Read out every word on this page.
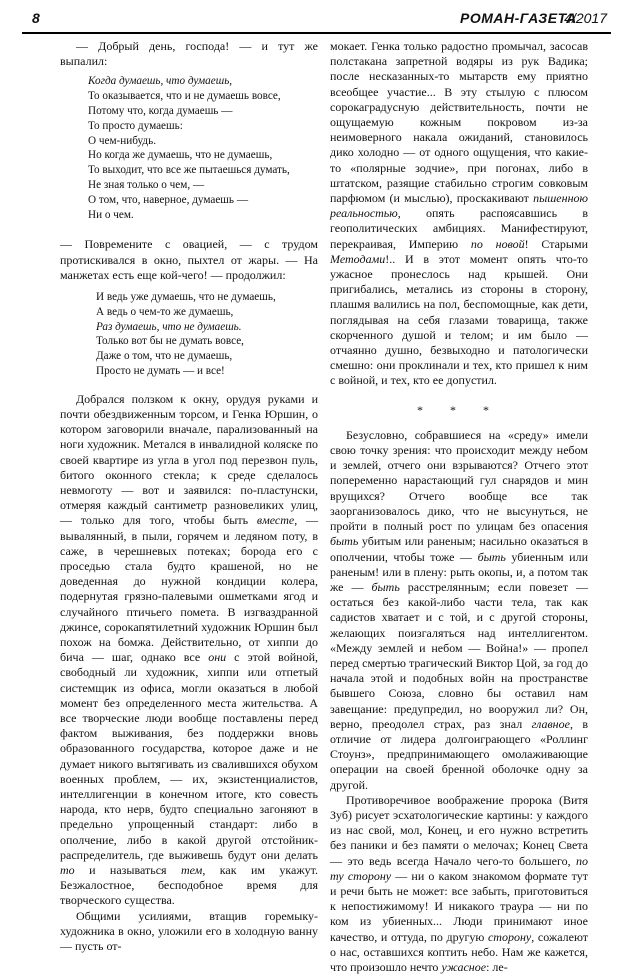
8	РОМАН-ГАЗЕТА
4/2017

— Добрый день, господа! — и тут же выпалил:

Когда думаешь, что думаешь,
То оказывается, что и не думаешь вовсе,
Потому что, когда думаешь —
То просто думаешь:
О чем-нибудь.
Но когда же думаешь, что не думаешь,
То выходит, что все же пытаешься думать,
Не зная только о чем, —
О том, что, наверное, думаешь —
Ни о чем.

— Повремените с овацией, — с трудом протискивался в окно, пыхтел от жары. — На манжетах есть еще кой-чего! — продолжил:

И ведь уже думаешь, что не думаешь,
А ведь о чем-то же думаешь,
Раз думаешь, что не думаешь.
Только вот бы не думать вовсе,
Даже о том, что не думаешь,
Просто не думать — и все!

Добрался ползком к окну, орудуя руками и почти обездвиженным торсом, и Генка Юршин, о котором заговорили вначале, парализованный на ноги художник. Метался в инвалидной коляске по своей квартире из угла в угол под перезвон пуль, битого оконного стекла; к среде сделалось невмоготу — вот и заявился: по-пластунски, отмеряя каждый сантиметр разновеликих улиц, — только для того, чтобы быть вместе, — вывалянный, в пыли, горячем и ледяном поту, в саже, в черешневых потеках; борода его с проседью стала будто крашеной, но не доведенная до нужной кондиции колера, подернутая грязно-палевыми ошметками ягод и случайного птичьего помета. В изгваздранной джинсе, сорокапятилетний художник Юршин был похож на бомжа. Действительно, от хиппи до бича — шаг, однако все они с этой войной, свободный ли художник, хиппи или отпетый системщик из офиса, могли оказаться в любой момент без определенного места жительства. А все творческие люди вообще поставлены перед фактом выживания, без поддержки вновь образованного государства, которое даже и не думает никого вытягивать из свалившихся обухом военных проблем, — их, экзистенциалистов, интеллигенции в конечном итоге, кто совесть народа, кто нерв, будто специально загоняют в предельно упрощенный стандарт: либо в ополчение, либо в какой другой отстойник-распределитель, где выживешь будут они делать то и называться тем, как им укажут. Безжалостное, бесподобное время для творческого существа.

Общими усилиями, втащив горемыку-художника в окно, уложили его в холодную ванну — пусть от-

мокает. Генка только радостно промычал, засосав полстакана запретной водяры из рук Вадика; после несказанных-то мытарств ему приятно всеобщее участие... В эту стылую с плюсом сорокаградусную действительность, почти не ощущаемую кожным покровом из-за неимоверного накала ожиданий, становилось дико холодно — от одного ощущения, что какие-то «полярные зодчие», при погонах, либо в штатском, разящие стабильно строгим совковым парфюмом (и мыслью), проскакивают пышенною реальностью, опять распоясавшись в геополитических амбициях. Манифестируют, перекраивая, Империю по новой! Старыми Методами!.. И в этот момент опять что-то ужасное пронеслось над крышей. Они пригибались, метались из стороны в сторону, плашмя валились на пол, беспомощные, как дети, поглядывая на себя глазами товарища, также скорченного душой и телом; и им было — отчаянно душно, безвыходно и патологически смешно: они проклинали и тех, кто пришел к ним с войной, и тех, кто ее допустил.

* * *

Безусловно, собравшиеся на «среду» имели свою точку зрения: что происходит между небом и землей, отчего они взрываются? Отчего этот попеременно нарастающий гул снарядов и мин врущихся? Отчего вообще все так заорганизовалось дико, что не высунуться, не пройти в полный рост по улицам без опасения быть убитым или раненым; насильно оказаться в ополчении, чтобы тоже — быть убиенным или раненым! или в плену: рыть окопы, и, а потом так же — быть расстрелянным; если повезет — остаться без какой-либо части тела, так как садистов хватает и с той, и с другой стороны, желающих поизгаляться над интеллигентом. «Между землей и небом — Война!» — пропел перед смертью трагический Виктор Цой, за год до начала этой и подобных войн на пространстве бывшего Союза, словно бы оставил нам завещание: предупредил, но вооружил ли? Он, верно, преодолел страх, раз знал главное, в отличие от лидера долгоиграющего «Роллинг Стоунз», предпринимающего омолаживающие операции на своей бренной оболочке одну за другой.

Противоречивое воображение пророка (Витя Зуб) рисует эсхатологические картины: у каждого из нас свой, мол, Конец, и его нужно встретить без паники и без памяти о мелочах; Конец Света — это ведь всегда Начало чего-то большего, по ту сторону — ни о каком знакомом формате тут и речи быть не может: все забыть, приготовиться к непостижимому! И никакого траура — ни по ком из убиенных... Люди принимают иное качество, и оттуда, по другую сторону, сожалеют о нас, оставшихся коптить небо. Нам же кажется, что произошло нечто ужасное: ле-
